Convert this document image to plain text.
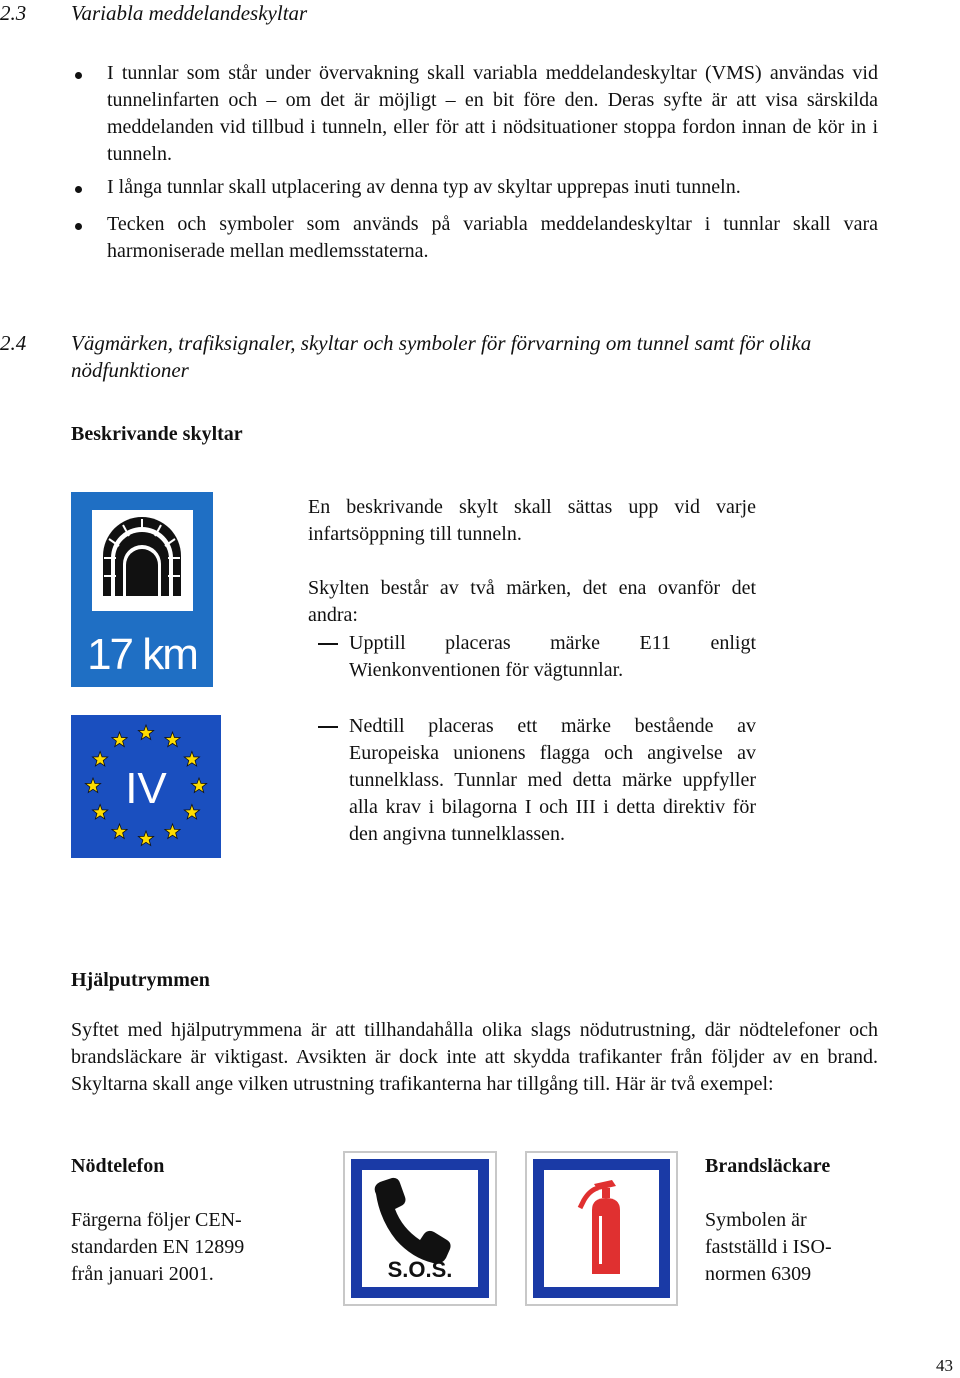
2.3 Variabla meddelandeskyltar
I tunnlar som står under övervakning skall variabla meddelandeskyltar (VMS) användas vid tunnelinfarten och – om det är möjligt – en bit före den. Deras syfte är att visa särskilda meddelanden vid tillbud i tunneln, eller för att i nödsituationer stoppa fordon innan de kör in i tunneln.
I långa tunnlar skall utplacering av denna typ av skyltar upprepas inuti tunneln.
Tecken och symboler som används på variabla meddelandeskyltar i tunnlar skall vara harmoniserade mellan medlemsstaterna.
2.4 Vägmärken, trafiksignaler, skyltar och symboler för förvarning om tunnel samt för olika nödfunktioner
Beskrivande skyltar
17 km
IV
En beskrivande skylt skall sättas upp vid varje infartsöppning till tunneln.
Skylten består av två märken, det ena ovanför det andra:
Upptill placeras märke E11 enligt Wienkonventionen för vägtunnlar.
Nedtill placeras ett märke bestående av Europeiska unionens flagga och angivelse av tunnelklass. Tunnlar med detta märke uppfyller alla krav i bilagorna I och III i detta direktiv för den angivna tunnelklassen.
Hjälputrymmen
Syftet med hjälputrymmena är att tillhandahålla olika slags nödutrustning, där nödtelefoner och brandsläckare är viktigast. Avsikten är dock inte att skydda trafikanter från följder av en brand. Skyltarna skall ange vilken utrustning trafikanterna har tillgång till. Här är två exempel:
Nödtelefon
Färgerna följer CEN-standarden EN 12899 från januari 2001.	S.O.S.
Brandsläckare
Symbolen är fastställd i ISO-normen 6309
43
